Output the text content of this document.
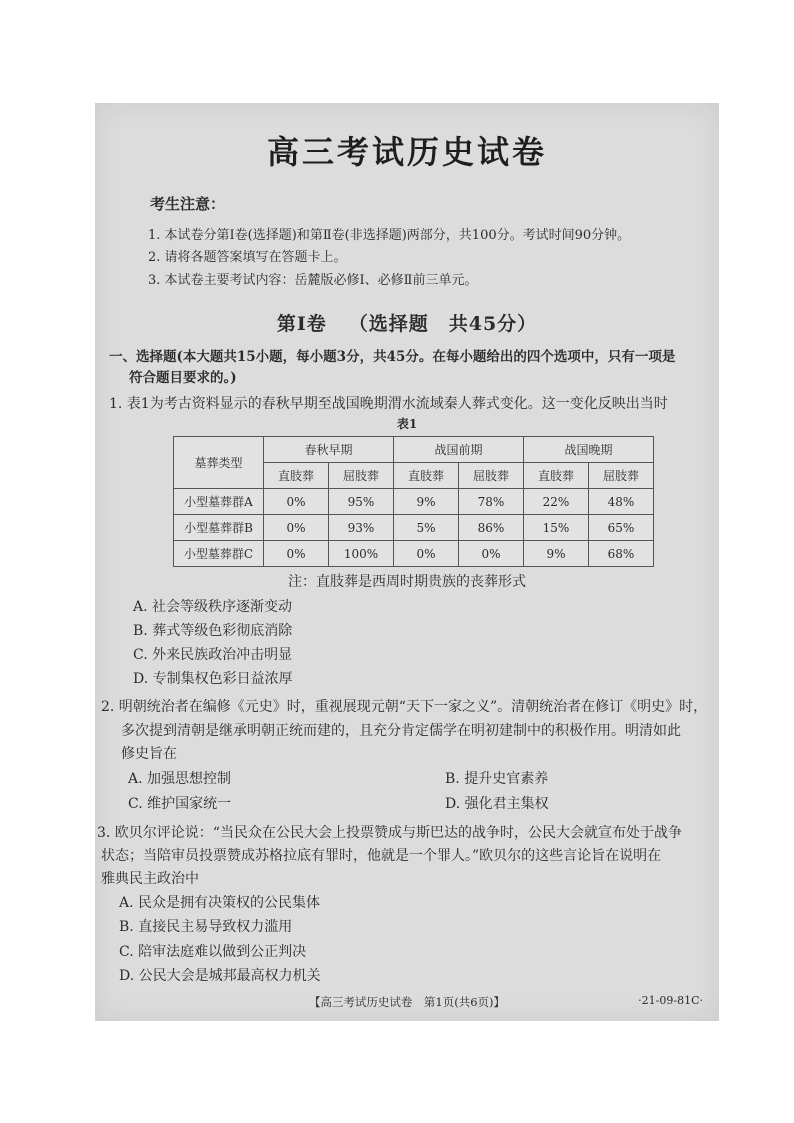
高三考试历史试卷
考生注意：
1. 本试卷分第Ⅰ卷(选择题)和第Ⅱ卷(非选择题)两部分，共100分。考试时间90分钟。
2. 请将各题答案填写在答题卡上。
3. 本试卷主要考试内容：岳麓版必修Ⅰ、必修Ⅱ前三单元。
第Ⅰ卷 （选择题　共45分）
一、选择题(本大题共15小题，每小题3分，共45分。在每小题给出的四个选项中，只有一项是
符合题目要求的。)
1. 表1为考古资料显示的春秋早期至战国晚期渭水流域秦人葬式变化。这一变化反映出当时
表1
墓葬类型	春秋早期		战国前期		战国晚期	
	直肢葬	屈肢葬	直肢葬	屈肢葬	直肢葬	屈肢葬
小型墓葬群A	0%	95%	9%	78%	22%	48%
小型墓葬群B	0%	93%	5%	86%	15%	65%
小型墓葬群C	0%	100%	0%	0%	9%	68%
注：直肢葬是西周时期贵族的丧葬形式
A. 社会等级秩序逐渐变动
B. 葬式等级色彩彻底消除
C. 外来民族政治冲击明显
D. 专制集权色彩日益浓厚
2. 明朝统治者在编修《元史》时，重视展现元朝“天下一家之义”。清朝统治者在修订《明史》时，
多次提到清朝是继承明朝正统而建的，且充分肯定儒学在明初建制中的积极作用。明清如此
修史旨在
A. 加强思想控制	B. 提升史官素养
C. 维护国家统一	D. 强化君主集权
3. 欧贝尔评论说：“当民众在公民大会上投票赞成与斯巴达的战争时，公民大会就宣布处于战争
状态；当陪审员投票赞成苏格拉底有罪时，他就是一个罪人。”欧贝尔的这些言论旨在说明在
雅典民主政治中
A. 民众是拥有决策权的公民集体
B. 直接民主易导致权力滥用
C. 陪审法庭难以做到公正判决
D. 公民大会是城邦最高权力机关
【高三考试历史试卷　第1页(共6页)】	·21-09-81C·
